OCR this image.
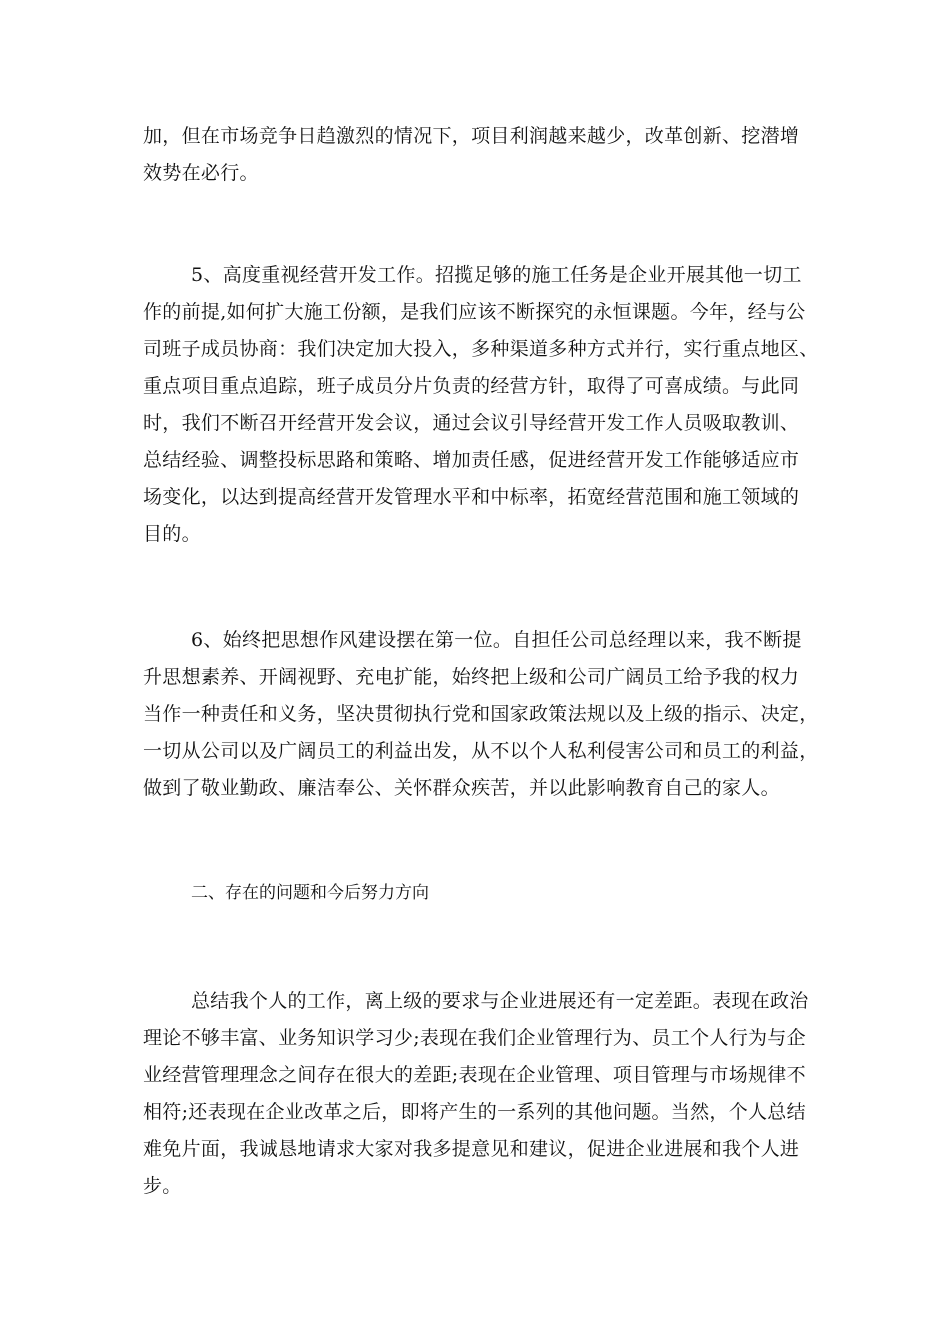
加，但在市场竞争日趋激烈的情况下，项目利润越来越少，改革创新、挖潜增
效势在必行。
5、高度重视经营开发工作。招揽足够的施工任务是企业开展其他一切工
作的前提,如何扩大施工份额，是我们应该不断探究的永恒课题。今年，经与公
司班子成员协商：我们决定加大投入，多种渠道多种方式并行，实行重点地区、
重点项目重点追踪，班子成员分片负责的经营方针，取得了可喜成绩。与此同
时，我们不断召开经营开发会议，通过会议引导经营开发工作人员吸取教训、
总结经验、调整投标思路和策略、增加责任感，促进经营开发工作能够适应市
场变化，以达到提高经营开发管理水平和中标率，拓宽经营范围和施工领域的
目的。
6、始终把思想作风建设摆在第一位。自担任公司总经理以来，我不断提
升思想素养、开阔视野、充电扩能，始终把上级和公司广阔员工给予我的权力
当作一种责任和义务，坚决贯彻执行党和国家政策法规以及上级的指示、决定，
一切从公司以及广阔员工的利益出发，从不以个人私利侵害公司和员工的利益，
做到了敬业勤政、廉洁奉公、关怀群众疾苦，并以此影响教育自己的家人。
二、存在的问题和今后努力方向
总结我个人的工作，离上级的要求与企业进展还有一定差距。表现在政治
理论不够丰富、业务知识学习少;表现在我们企业管理行为、员工个人行为与企
业经营管理理念之间存在很大的差距;表现在企业管理、项目管理与市场规律不
相符;还表现在企业改革之后，即将产生的一系列的其他问题。当然，个人总结
难免片面，我诚恳地请求大家对我多提意见和建议，促进企业进展和我个人进
步。
